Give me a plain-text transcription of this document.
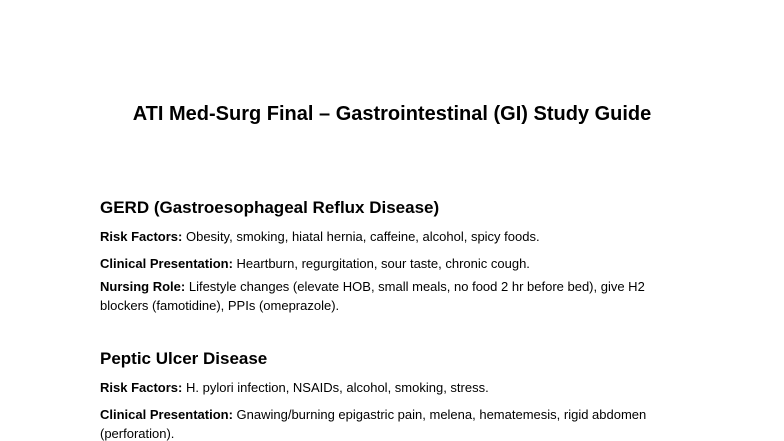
ATI Med-Surg Final – Gastrointestinal (GI) Study Guide
GERD (Gastroesophageal Reflux Disease)

Risk Factors: Obesity, smoking, hiatal hernia, caffeine, alcohol, spicy foods.

Clinical Presentation: Heartburn, regurgitation, sour taste, chronic cough.

Nursing Role: Lifestyle changes (elevate HOB, small meals, no food 2 hr before bed), give H2 blockers (famotidine), PPIs (omeprazole).

Peptic Ulcer Disease

Risk Factors: H. pylori infection, NSAIDs, alcohol, smoking, stress.

Clinical Presentation: Gnawing/burning epigastric pain, melena, hematemesis, rigid abdomen (perforation).
